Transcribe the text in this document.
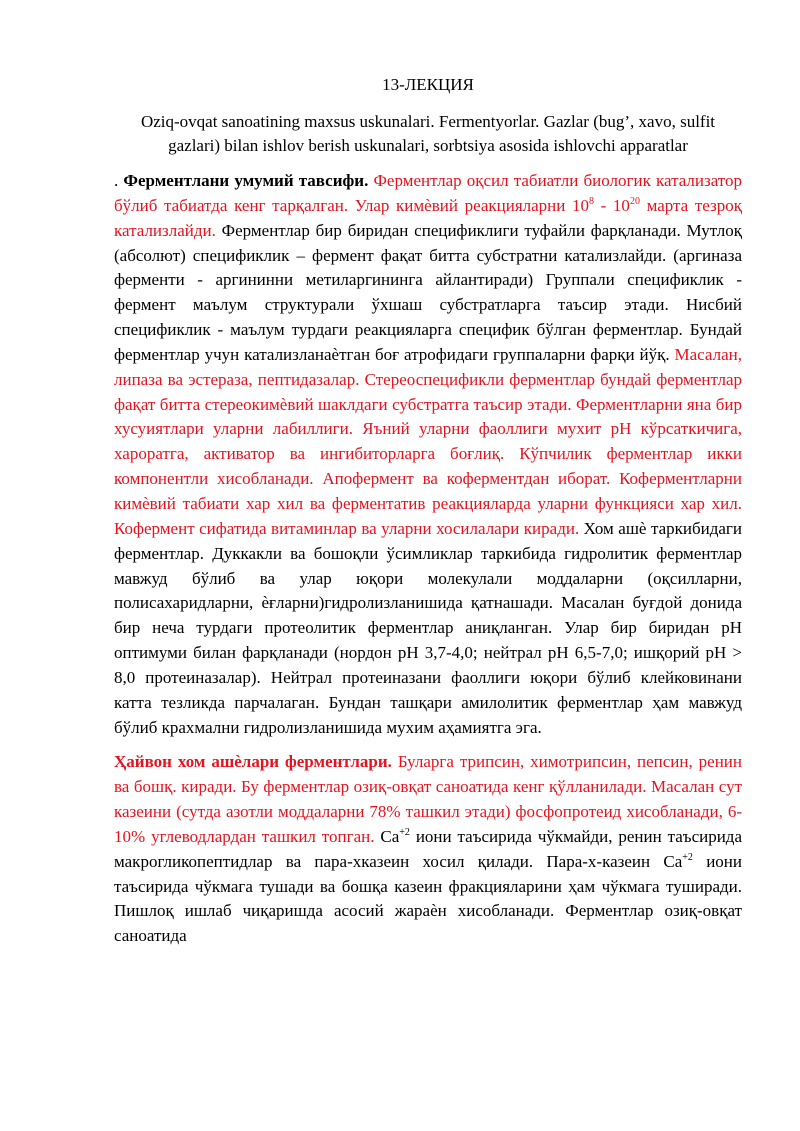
13-ЛЕКЦИЯ
Oziq-ovqat sanoatining maxsus uskunalari. Fermentyorlar. Gazlar (bug’, xavo, sulfit gazlari) bilan ishlov berish uskunalari, sorbtsiya asosida ishlovchi apparatlar

. Ферментлани умумий тавсифи. Ферментлар оқсил табиатли биологик катализатор бўлиб табиатда кенг тарқалган. Улар кимѐвий реакцияларни $10^8 - 10^{20}$ марта тезроқ катализлайди. Ферментлар бир биридан спецификлиги туфайли фарқланади. Мутлоқ (абсолют) спецификлик – фермент фақат битта субстратни катализлайди. (аргиназа ферменти - аргининни метиларгининга айлантиради) Группали спецификлик - фермент маълум структурали ўхшаш субстратларга таъсир этади. Нисбий спецификлик - маълум турдаги реакцияларга специфик бўлган ферментлар. Бундай ферментлар учун катализланаѐтган боғ атрофидаги группаларни фарқи йўқ. Масалан, липаза ва эстераза, пептидазалар. Стереоспецификли ферментлар бундай ферментлар фақат битта стереокимѐвий шаклдаги субстратга таъсир этади. Ферментларни яна бир хусуиятлари уларни лабиллиги. Яъний уларни фаоллиги мухит pH кўрсаткичига, хароратга, активатор ва ингибиторларга боғлиқ. Кўпчилик ферментлар икки компонентли хисобланади. Апофермент ва коферментдан иборат. Коферментларни кимѐвий табиати хар хил ва ферментатив реакцияларда уларни функцияси хар хил. Кофермент сифатида витаминлар ва уларни хосилалари киради. Хом ашѐ таркибидаги ферментлар. Дуккакли ва бошоқли ўсимликлар таркибида гидролитик ферментлар мавжуд бўлиб ва улар юқори молекулали моддаларни (оқсилларни, полисахаридларни, ѐғларни)гидролизланишида қатнашади. Масалан буғдой донида бир неча турдаги протеолитик ферментлар аниқланган. Улар бир биридан pH оптимуми билан фарқланади (нордон pH 3,7-4,0; нейтрал pH 6,5-7,0; ишқорий pH > 8,0 протеиназалар). Нейтрал протеиназани фаоллиги юқори бўлиб клейковинани катта тезликда парчалаган. Бундан ташқари амилолитик ферментлар ҳам мавжуд бўлиб крахмални гидролизланишида мухим аҳамиятга эга.

Ҳайвон хом ашѐлари ферментлари. Буларга трипсин, химотрипсин, пепсин, ренин ва бошқ. киради. Бу ферментлар озиқ-овқат саноатида кенг қўлланилади. Масалан сут казеини (сутда азотли моддаларни 78% ташкил этади) фосфопротеид хисобланади, 6-10% углеводлардан ташкил топган. $Ca^{+2}$ иони таъсирида чўкмайди, ренин таъсирида макрогликопептидлар ва пара-хказеин хосил қилади. Пара-х-казеин $Ca^{+2}$ иони таъсирида чўкмага тушади ва бошқа казеин фракцияларини ҳам чўкмага туширади. Пишлоқ ишлаб чиқаришда асосий жараѐн хисобланади. Ферментлар озиқ-овқат саноатида
